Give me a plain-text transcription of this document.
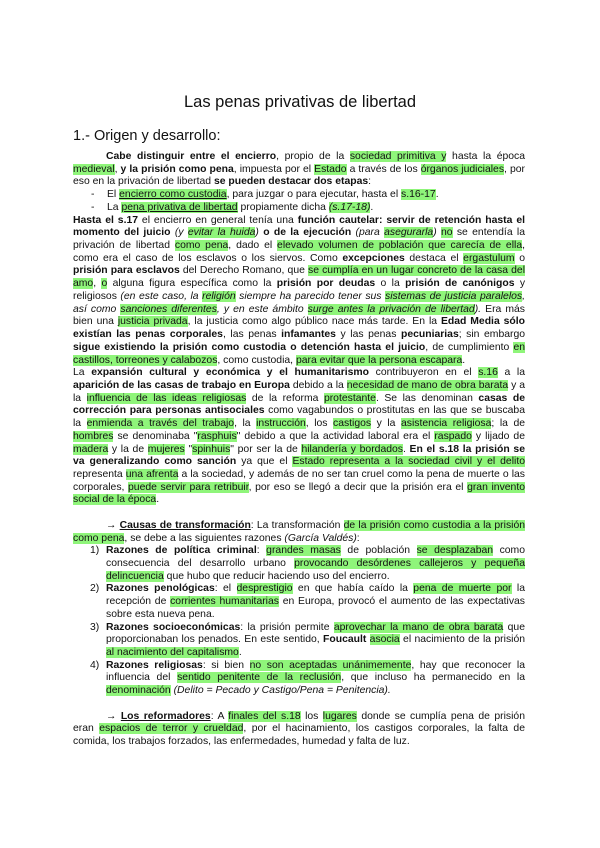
Las penas privativas de libertad
1.- Origen y desarrollo:

Cabe distinguir entre el encierro, propio de la sociedad primitiva y hasta la época medieval, y la prisión como pena, impuesta por el Estado a través de los órganos judiciales, por eso en la privación de libertad se pueden destacar dos etapas:

- El encierro como custodia, para juzgar o para ejecutar, hasta el s.16-17.
- La pena privativa de libertad propiamente dicha (s.17-18).

Hasta el s.17 el encierro en general tenía una función cautelar: servir de retención hasta el momento del juicio (y evitar la huida) o de la ejecución (para asegurarla) no se entendía la privación de libertad como pena, dado el elevado volumen de población que carecía de ella, como era el caso de los esclavos o los siervos. Como excepciones destaca el ergastulum o prisión para esclavos del Derecho Romano, que se cumplía en un lugar concreto de la casa del amo, o alguna figura específica como la prisión por deudas o la prisión de canónigos y religiosos (en este caso, la religión siempre ha parecido tener sus sistemas de justicia paralelos, así como sanciones diferentes, y en este ámbito surge antes la privación de libertad). Era más bien una justicia privada, la justicia como algo público nace más tarde. En la Edad Media sólo existían las penas corporales, las penas infamantes y las penas pecuniarias; sin embargo sigue existiendo la prisión como custodia o detención hasta el juicio, de cumplimiento en castillos, torreones y calabozos, como custodia, para evitar que la persona escapara.

La expansión cultural y económica y el humanitarismo contribuyeron en el s.16 a la aparición de las casas de trabajo en Europa debido a la necesidad de mano de obra barata y a la influencia de las ideas religiosas de la reforma protestante. Se las denominan casas de corrección para personas antisociales como vagabundos o prostitutas en las que se buscaba la enmienda a través del trabajo, la instrucción, los castigos y la asistencia religiosa; la de hombres se denominaba "rasphuis" debido a que la actividad laboral era el raspado y lijado de madera y la de mujeres "spinhuis" por ser la de hilandería y bordados. En el s.18 la prisión se va generalizando como sanción ya que el Estado representa a la sociedad civil y el delito representa una afrenta a la sociedad, y además de no ser tan cruel como la pena de muerte o las corporales, puede servir para retribuir, por eso se llegó a decir que la prisión era el gran invento social de la época.

→ Causas de transformación: La transformación de la prisión como custodia a la prisión como pena, se debe a las siguientes razones (García Valdés):

1) Razones de política criminal: grandes masas de población se desplazaban como consecuencia del desarrollo urbano provocando desórdenes callejeros y pequeña delincuencia que hubo que reducir haciendo uso del encierro.
2) Razones penológicas: el desprestigio en que había caído la pena de muerte por la recepción de corrientes humanitarias en Europa, provocó el aumento de las expectativas sobre esta nueva pena.
3) Razones socioeconómicas: la prisión permite aprovechar la mano de obra barata que proporcionaban los penados. En este sentido, Foucault asocia el nacimiento de la prisión al nacimiento del capitalismo.
4) Razones religiosas: si bien no son aceptadas unánimemente, hay que reconocer la influencia del sentido penitente de la reclusión, que incluso ha permanecido en la denominación (Delito = Pecado y Castigo/Pena = Penitencia).

→ Los reformadores: A finales del s.18 los lugares donde se cumplía pena de prisión eran espacios de terror y crueldad, por el hacinamiento, los castigos corporales, la falta de comida, los trabajos forzados, las enfermedades, humedad y falta de luz.
